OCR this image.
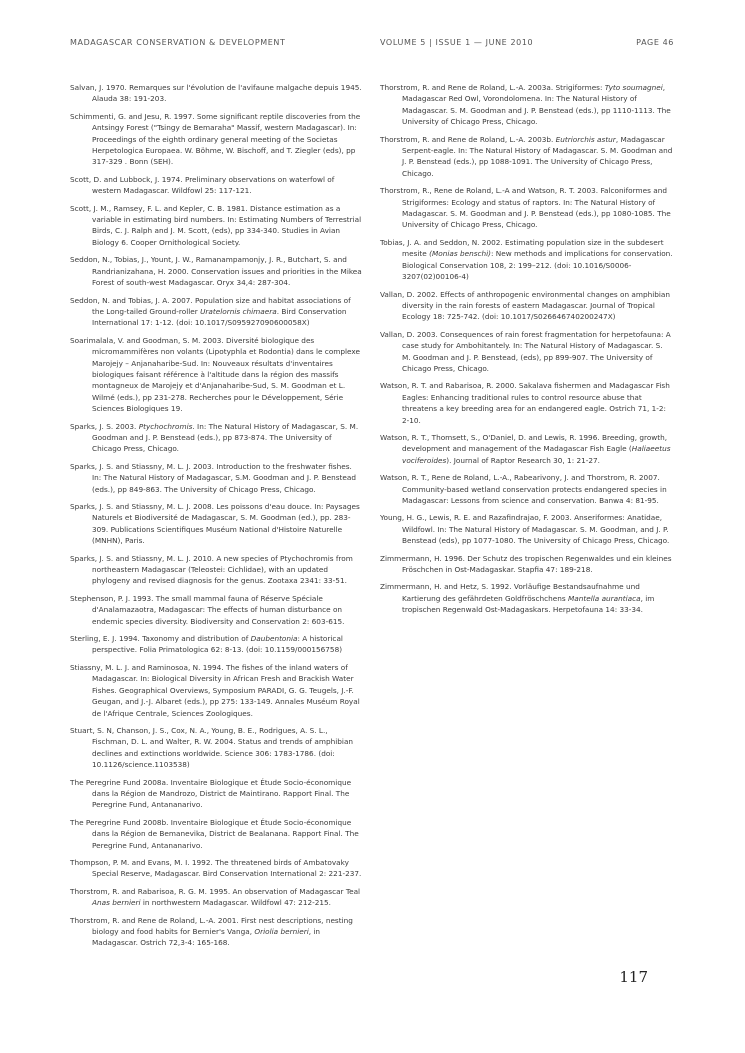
MADAGASCAR CONSERVATION & DEVELOPMENT	VOLUME 5 | ISSUE 1 — JUNE 2010	PAGE 46

Salvan, J. 1970. Remarques sur l'évolution de l'avifaune malgache depuis 1945. Alauda 38: 191-203.

Schimmenti, G. and Jesu, R. 1997. Some significant reptile discoveries from the Antsingy Forest ("Tsingy de Bemaraha" Massif, western Madagascar). In: Proceedings of the eighth ordinary general meeting of the Societas Herpetologica Europaea. W. Böhme, W. Bischoff, and T. Ziegler (eds), pp 317-329 . Bonn (SEH).

Scott, D. and Lubbock, J. 1974. Preliminary observations on waterfowl of western Madagascar. Wildfowl 25: 117-121.

Scott, J. M., Ramsey, F. L. and Kepler, C. B. 1981. Distance estimation as a variable in estimating bird numbers. In: Estimating Numbers of Terrestrial Birds, C. J. Ralph and J. M. Scott, (eds), pp 334-340. Studies in Avian Biology 6. Cooper Ornithological Society.

Seddon, N., Tobias, J., Yount, J. W., Ramanampamonjy, J. R., Butchart, S. and Randrianizahana, H. 2000. Conservation issues and priorities in the Mikea Forest of south-west Madagascar. Oryx 34,4: 287-304.

Seddon, N. and Tobias, J. A. 2007. Population size and habitat associations of the Long-tailed Ground-roller Uratelornis chimaera. Bird Conservation International 17: 1-12. (doi: 10.1017/S095927090600058X)

Soarimalala, V. and Goodman, S. M. 2003. Diversité biologique des micromammifères non volants (Lipotyphla et Rodontia) dans le complexe Marojejy – Anjanaharibe-Sud. In: Nouveaux résultats d'inventaires biologiques faisant référence à l'altitude dans la région des massifs montagneux de Marojejy et d'Anjanaharibe-Sud, S. M. Goodman et L. Wilmé (eds.), pp 231-278. Recherches pour le Développement, Série Sciences Biologiques 19.

Sparks, J. S. 2003. Ptychochromis. In: The Natural History of Madagascar, S. M. Goodman and J. P. Benstead (eds.), pp 873-874. The University of Chicago Press, Chicago.

Sparks, J. S. and Stiassny, M. L. J. 2003. Introduction to the freshwater fishes. In: The Natural History of Madagascar, S.M. Goodman and J. P. Benstead (eds.), pp 849-863. The University of Chicago Press, Chicago.

Sparks, J. S. and Stiassny, M. L. J. 2008. Les poissons d'eau douce. In: Paysages Naturels et Biodiversité de Madagascar, S. M. Goodman (ed.), pp. 283-309. Publications Scientifiques Muséum National d'Histoire Naturelle (MNHN), Paris.

Sparks, J. S. and Stiassny, M. L. J. 2010. A new species of Ptychochromis from northeastern Madagascar (Teleostei: Cichlidae), with an updated phylogeny and revised diagnosis for the genus. Zootaxa 2341: 33-51.

Stephenson, P. J. 1993. The small mammal fauna of Réserve Spéciale d'Analamazaotra, Madagascar: The effects of human disturbance on endemic species diversity. Biodiversity and Conservation 2: 603-615.

Sterling, E. J. 1994. Taxonomy and distribution of Daubentonia: A historical perspective. Folia Primatologica 62: 8-13. (doi: 10.1159/000156758)

Stiassny, M. L. J. and Raminosoa, N. 1994. The fishes of the inland waters of Madagascar. In: Biological Diversity in African Fresh and Brackish Water Fishes. Geographical Overviews, Symposium PARADI, G. G. Teugels, J.-F. Geugan, and J.-J. Albaret (eds.), pp 275: 133-149. Annales Muséum Royal de l'Afrique Centrale, Sciences Zoologiques.

Stuart, S. N, Chanson, J. S., Cox, N. A., Young, B. E., Rodrigues, A. S. L., Fischman, D. L. and Walter, R. W. 2004. Status and trends of amphibian declines and extinctions worldwide. Science 306: 1783-1786. (doi: 10.1126/science.1103538)

The Peregrine Fund 2008a. Inventaire Biologique et Étude Socio-économique dans la Région de Mandrozo, District de Maintirano. Rapport Final. The Peregrine Fund, Antananarivo.

The Peregrine Fund 2008b. Inventaire Biologique et Étude Socio-économique dans la Région de Bemanevika, District de Bealanana. Rapport Final. The Peregrine Fund, Antananarivo.

Thompson, P. M. and Evans, M. I. 1992. The threatened birds of Ambatovaky Special Reserve, Madagascar. Bird Conservation International 2: 221-237.

Thorstrom, R. and Rabarisoa, R. G. M. 1995. An observation of Madagascar Teal Anas bernieri in northwestern Madagascar. Wildfowl 47: 212-215.

Thorstrom, R. and Rene de Roland, L.-A. 2001. First nest descriptions, nesting biology and food habits for Bernier's Vanga, Oriolia bernieri, in Madagascar. Ostrich 72,3-4: 165-168.

Thorstrom, R. and Rene de Roland, L.-A. 2003a. Strigiformes: Tyto soumagnei, Madagascar Red Owl, Vorondolomena. In: The Natural History of Madagascar. S. M. Goodman and J. P. Benstead (eds.), pp 1110-1113. The University of Chicago Press, Chicago.

Thorstrom, R. and Rene de Roland, L.-A. 2003b. Eutriorchis astur, Madagascar Serpent-eagle. In: The Natural History of Madagascar. S. M. Goodman and J. P. Benstead (eds.), pp 1088-1091. The University of Chicago Press, Chicago.

Thorstrom, R., Rene de Roland, L.-A and Watson, R. T. 2003. Falconiformes and Strigiformes: Ecology and status of raptors. In: The Natural History of Madagascar. S. M. Goodman and J. P. Benstead (eds.), pp 1080-1085. The University of Chicago Press, Chicago.

Tobias, J. A. and Seddon, N. 2002. Estimating population size in the subdesert mesite (Monias benschi): New methods and implications for conservation. Biological Conservation 108, 2: 199–212. (doi: 10.1016/S0006-3207(02)00106-4)

Vallan, D. 2002. Effects of anthropogenic environmental changes on amphibian diversity in the rain forests of eastern Madagascar. Journal of Tropical Ecology 18: 725-742. (doi: 10.1017/S026646740200247X)

Vallan, D. 2003. Consequences of rain forest fragmentation for herpetofauna: A case study for Ambohitantely. In: The Natural History of Madagascar. S. M. Goodman and J. P. Benstead, (eds), pp 899-907. The University of Chicago Press, Chicago.

Watson, R. T. and Rabarisoa, R. 2000. Sakalava fishermen and Madagascar Fish Eagles: Enhancing traditional rules to control resource abuse that threatens a key breeding area for an endangered eagle. Ostrich 71, 1-2: 2-10.

Watson, R. T., Thomsett, S., O'Daniel, D. and Lewis, R. 1996. Breeding, growth, development and management of the Madagascar Fish Eagle (Haliaeetus vociferoides). Journal of Raptor Research 30, 1: 21-27.

Watson, R. T., Rene de Roland, L.-A., Rabearivony, J. and Thorstrom, R. 2007. Community-based wetland conservation protects endangered species in Madagascar: Lessons from science and conservation. Banwa 4: 81-95.

Young, H. G., Lewis, R. E. and Razafindrajao, F. 2003. Anseriformes: Anatidae, Wildfowl. In: The Natural History of Madagascar. S. M. Goodman, and J. P. Benstead (eds), pp 1077-1080. The University of Chicago Press, Chicago.

Zimmermann, H. 1996. Der Schutz des tropischen Regenwaldes und ein kleines Fröschchen in Ost-Madagaskar. Stapfia 47: 189-218.

Zimmermann, H. and Hetz, S. 1992. Vorläufige Bestandsaufnahme und Kartierung des gefährdeten Goldfröschchens Mantella aurantiaca, im tropischen Regenwald Ost-Madagaskars. Herpetofauna 14: 33-34.

117
